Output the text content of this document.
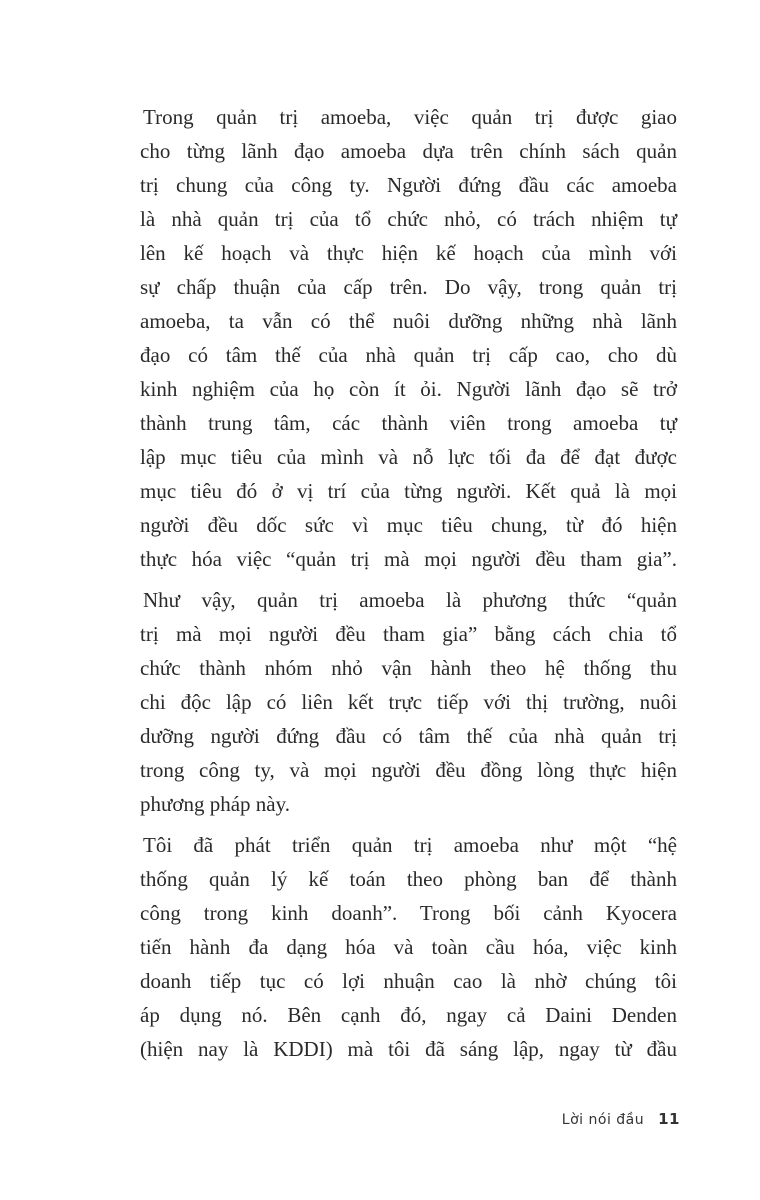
Trong quản trị amoeba, việc quản trị được giao
cho từng lãnh đạo amoeba dựa trên chính sách quản
trị chung của công ty. Người đứng đầu các amoeba
là nhà quản trị của tổ chức nhỏ, có trách nhiệm tự
lên kế hoạch và thực hiện kế hoạch của mình với
sự chấp thuận của cấp trên. Do vậy, trong quản trị
amoeba, ta vẫn có thể nuôi dưỡng những nhà lãnh
đạo có tâm thế của nhà quản trị cấp cao, cho dù
kinh nghiệm của họ còn ít ỏi. Người lãnh đạo sẽ trở
thành trung tâm, các thành viên trong amoeba tự
lập mục tiêu của mình và nỗ lực tối đa để đạt được
mục tiêu đó ở vị trí của từng người. Kết quả là mọi
người đều dốc sức vì mục tiêu chung, từ đó hiện
thực hóa việc “quản trị mà mọi người đều tham gia”.
Như vậy, quản trị amoeba là phương thức “quản
trị mà mọi người đều tham gia” bằng cách chia tổ
chức thành nhóm nhỏ vận hành theo hệ thống thu
chi độc lập có liên kết trực tiếp với thị trường, nuôi
dưỡng người đứng đầu có tâm thế của nhà quản trị
trong công ty, và mọi người đều đồng lòng thực hiện
phương pháp này.
Tôi đã phát triển quản trị amoeba như một “hệ
thống quản lý kế toán theo phòng ban để thành
công trong kinh doanh”. Trong bối cảnh Kyocera
tiến hành đa dạng hóa và toàn cầu hóa, việc kinh
doanh tiếp tục có lợi nhuận cao là nhờ chúng tôi
áp dụng nó. Bên cạnh đó, ngay cả Daini Denden
(hiện nay là KDDI) mà tôi đã sáng lập, ngay từ đầu
Lời nói đầu 11
